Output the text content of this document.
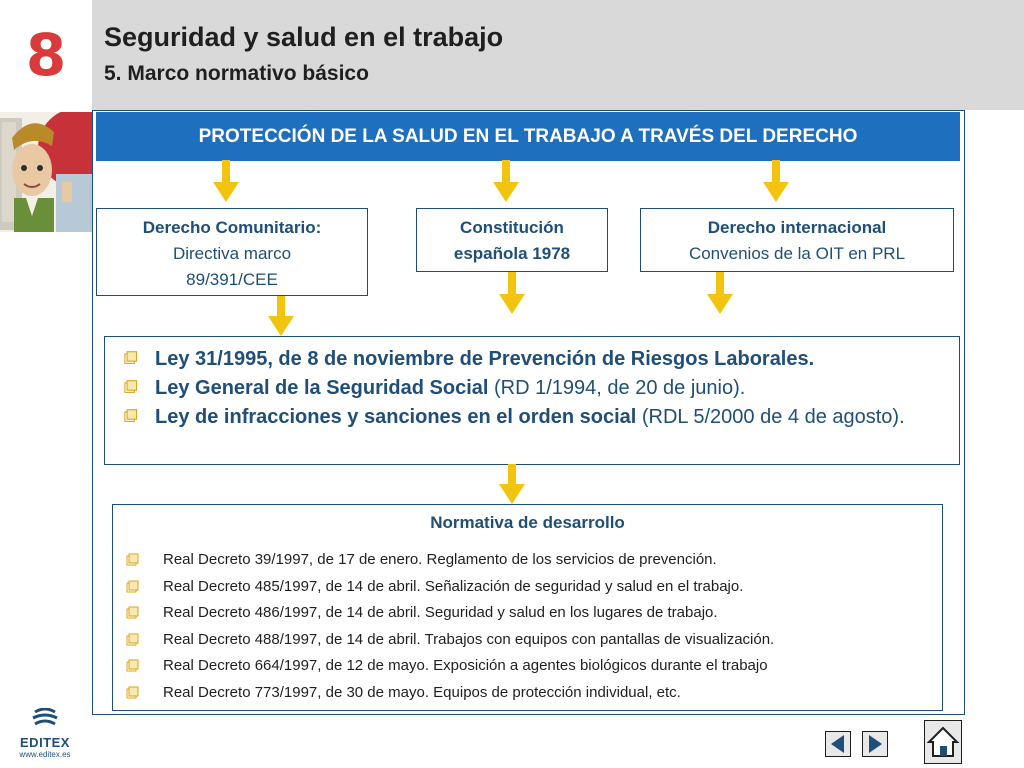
8	Seguridad y salud en el trabajo
5. Marco normativo básico
PROTECCIÓN DE LA SALUD EN EL TRABAJO A TRAVÉS DEL DERECHO
Derecho Comunitario:
Directiva marco
89/391/CEE
Constitución
española 1978
Derecho internacional
Convenios de la OIT en PRL
Ley 31/1995, de 8 de noviembre de Prevención de Riesgos Laborales.
Ley General de la Seguridad Social (RD 1/1994, de 20 de junio).
Ley de infracciones y sanciones en el orden social (RDL 5/2000 de 4 de agosto).
Normativa de desarrollo
Real Decreto 39/1997, de 17 de enero. Reglamento de los servicios de prevención.
Real Decreto 485/1997, de 14 de abril. Señalización de seguridad y salud en el trabajo.
Real Decreto 486/1997, de 14 de abril. Seguridad y salud en los lugares de trabajo.
Real Decreto 488/1997, de 14 de abril. Trabajos con equipos con pantallas de visualización.
Real Decreto 664/1997, de 12 de mayo. Exposición a agentes biológicos durante el trabajo
Real Decreto 773/1997, de 30 de mayo. Equipos de protección individual, etc.
EDITEX
www.editex.es
